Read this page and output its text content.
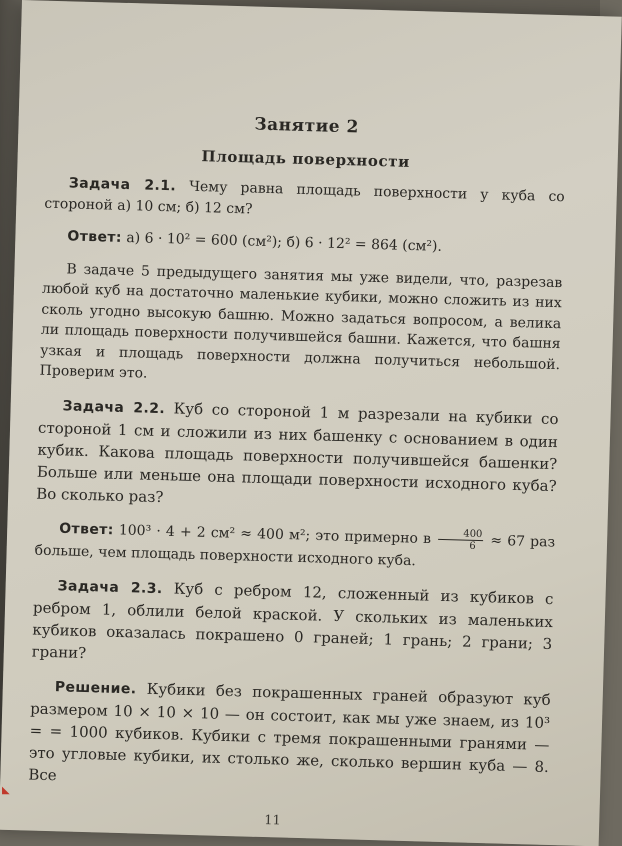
Занятие 2
Площадь поверхности

Задача 2.1. Чему равна площадь поверхности у куба со стороной а) 10 см; б) 12 см?

Ответ: а) 6 · 10² = 600 (см²); б) 6 · 12² = 864 (см²).

В задаче 5 предыдущего занятия мы уже видели, что, разрезав любой куб на достаточно маленькие кубики, можно сложить из них сколь угодно высокую башню. Можно задаться вопросом, а велика ли площадь поверхности получившейся башни. Кажется, что башня узкая и площадь поверхности должна получиться небольшой. Проверим это.

Задача 2.2. Куб со стороной 1 м разрезали на кубики со стороной 1 см и сложили из них башенку с основанием в один кубик. Какова площадь поверхности получившейся башенки? Больше или меньше она площади поверхности исходного куба? Во сколько раз?

Ответ: 100³ · 4 + 2 см² ≈ 400 м²; это примерно в $\frac{400}{6} \approx 67$ раз больше, чем площадь поверхности исходного куба.

Задача 2.3. Куб с ребром 12, сложенный из кубиков с ребром 1, облили белой краской. У скольких из маленьких кубиков оказалась покрашено 0 граней; 1 грань; 2 грани; 3 грани?

Решение. Кубики без покрашенных граней образуют куб размером 10 × 10 × 10 — он состоит, как мы уже знаем, из 10³ = = 1000 кубиков. Кубики с тремя покрашенными гранями — это угловые кубики, их столько же, сколько вершин куба — 8. Все

11
◣
